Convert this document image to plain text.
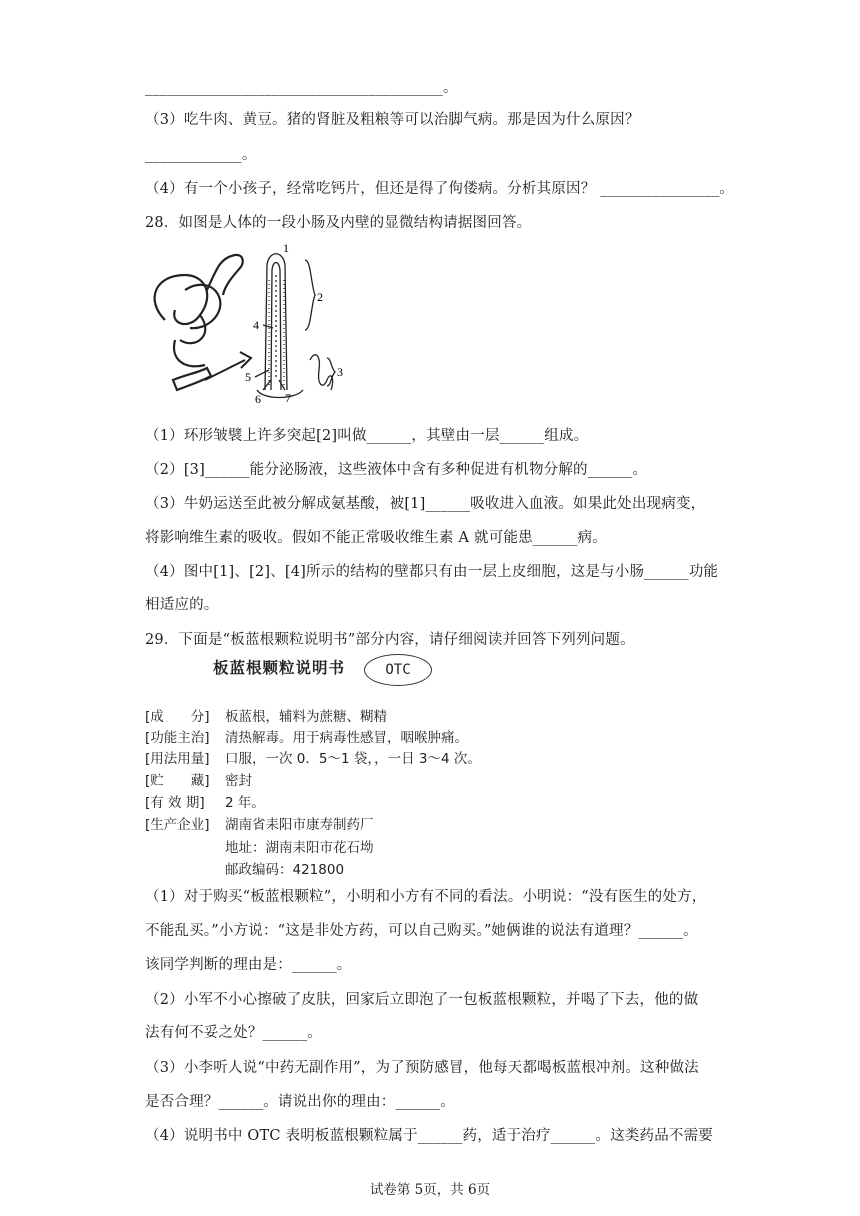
________________________________________。
（3）吃牛肉、黄豆。猪的肾脏及粗粮等可以治脚气病。那是因为什么原因？
_____________。
（4）有一个小孩子，经常吃钙片，但还是得了佝偻病。分析其原因？ ________________。
28．如图是人体的一段小肠及内壁的显微结构请据图回答。
1
2
3
4
5
6 7
（1）环形皱襞上许多突起[2]叫做______，其壁由一层______组成。
（2）[3]______能分泌肠液，这些液体中含有多种促进有机物分解的______。
（3）牛奶运送至此被分解成氨基酸，被[1]______吸收进入血液。如果此处出现病变，
将影响维生素的吸收。假如不能正常吸收维生素 A 就可能患______病。
（4）图中[1]、[2]、[4]所示的结构的壁都只有由一层上皮细胞，这是与小肠______功能
相适应的。
29．下面是“板蓝根颗粒说明书”部分内容，请仔细阅读并回答下列列问题。
板蓝根颗粒说明书	OTC
[成　　分] 板蓝根，辅料为蔗糖、糊精
[功能主治] 清热解毒。用于病毒性感冒，咽喉肿痛。
[用法用量] 口服，一次 0．5～1 袋，，一日 3～4 次。
[贮　　藏] 密封
[有 效 期] 2 年。
[生产企业] 湖南省耒阳市康寿制药厂
地址：湖南耒阳市花石坳
邮政编码：421800
（1）对于购买“板蓝根颗粒”，小明和小方有不同的看法。小明说：“没有医生的处方，
不能乱买。”小方说：“这是非处方药，可以自己购买。”她俩谁的说法有道理？______。
该同学判断的理由是：______。
（2）小军不小心擦破了皮肤，回家后立即泡了一包板蓝根颗粒，并喝了下去，他的做
法有何不妥之处？______。
（3）小李听人说“中药无副作用”，为了预防感冒，他每天都喝板蓝根冲剂。这种做法
是否合理？______。请说出你的理由：______。
（4）说明书中 OTC 表明板蓝根颗粒属于______药，适于治疗______。这类药品不需要
试卷第 5页，共 6页
